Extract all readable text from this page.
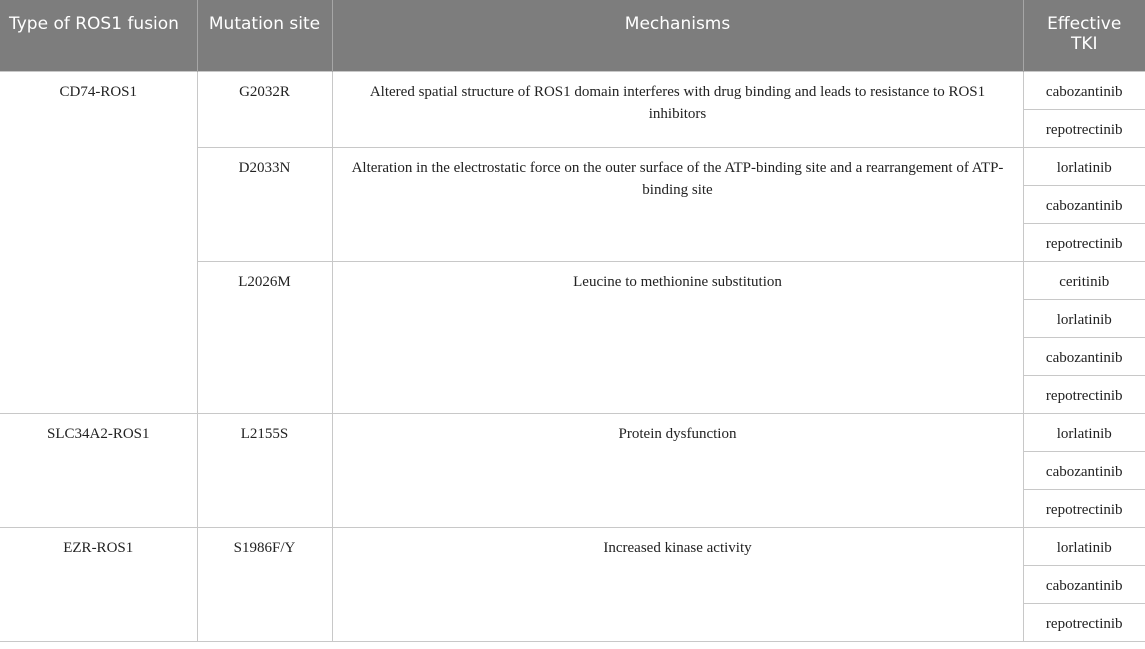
Type of ROS1 fusion	Mutation site	Mechanisms	Effective TKI
CD74-ROS1	G2032R	Altered spatial structure of ROS1 domain interferes with drug binding and leads to resistance to ROS1 inhibitors	cabozantinib
			repotrectinib
	D2033N	Alteration in the electrostatic force on the outer surface of the ATP-binding site and a rearrangement of ATP-binding site	lorlatinib
			cabozantinib
			repotrectinib
	L2026M	Leucine to methionine substitution	ceritinib
			lorlatinib
			cabozantinib
			repotrectinib
SLC34A2-ROS1	L2155S	Protein dysfunction	lorlatinib
			cabozantinib
			repotrectinib
EZR-ROS1	S1986F/Y	Increased kinase activity	lorlatinib
			cabozantinib
			repotrectinib
